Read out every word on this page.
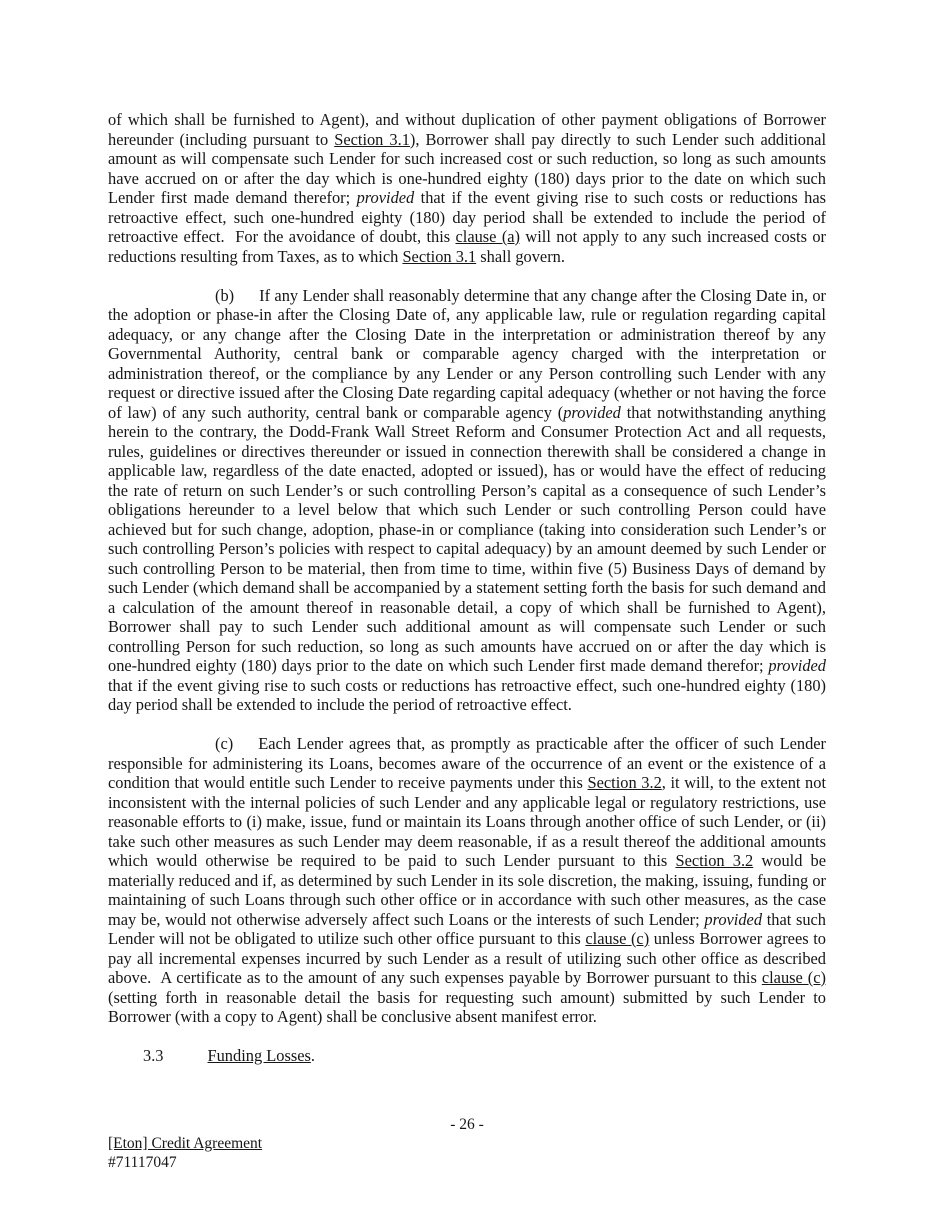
of which shall be furnished to Agent), and without duplication of other payment obligations of Borrower hereunder (including pursuant to Section 3.1), Borrower shall pay directly to such Lender such additional amount as will compensate such Lender for such increased cost or such reduction, so long as such amounts have accrued on or after the day which is one-hundred eighty (180) days prior to the date on which such Lender first made demand therefor; provided that if the event giving rise to such costs or reductions has retroactive effect, such one-hundred eighty (180) day period shall be extended to include the period of retroactive effect.  For the avoidance of doubt, this clause (a) will not apply to any such increased costs or reductions resulting from Taxes, as to which Section 3.1 shall govern.

(b) If any Lender shall reasonably determine that any change after the Closing Date in, or the adoption or phase-in after the Closing Date of, any applicable law, rule or regulation regarding capital adequacy, or any change after the Closing Date in the interpretation or administration thereof by any Governmental Authority, central bank or comparable agency charged with the interpretation or administration thereof, or the compliance by any Lender or any Person controlling such Lender with any request or directive issued after the Closing Date regarding capital adequacy (whether or not having the force of law) of any such authority, central bank or comparable agency (provided that notwithstanding anything herein to the contrary, the Dodd-Frank Wall Street Reform and Consumer Protection Act and all requests, rules, guidelines or directives thereunder or issued in connection therewith shall be considered a change in applicable law, regardless of the date enacted, adopted or issued), has or would have the effect of reducing the rate of return on such Lender’s or such controlling Person’s capital as a consequence of such Lender’s obligations hereunder to a level below that which such Lender or such controlling Person could have achieved but for such change, adoption, phase-in or compliance (taking into consideration such Lender’s or such controlling Person’s policies with respect to capital adequacy) by an amount deemed by such Lender or such controlling Person to be material, then from time to time, within five (5) Business Days of demand by such Lender (which demand shall be accompanied by a statement setting forth the basis for such demand and a calculation of the amount thereof in reasonable detail, a copy of which shall be furnished to Agent), Borrower shall pay to such Lender such additional amount as will compensate such Lender or such controlling Person for such reduction, so long as such amounts have accrued on or after the day which is one-hundred eighty (180) days prior to the date on which such Lender first made demand therefor; provided that if the event giving rise to such costs or reductions has retroactive effect, such one-hundred eighty (180) day period shall be extended to include the period of retroactive effect.

(c) Each Lender agrees that, as promptly as practicable after the officer of such Lender responsible for administering its Loans, becomes aware of the occurrence of an event or the existence of a condition that would entitle such Lender to receive payments under this Section 3.2, it will, to the extent not inconsistent with the internal policies of such Lender and any applicable legal or regulatory restrictions, use reasonable efforts to (i) make, issue, fund or maintain its Loans through another office of such Lender, or (ii) take such other measures as such Lender may deem reasonable, if as a result thereof the additional amounts which would otherwise be required to be paid to such Lender pursuant to this Section 3.2 would be materially reduced and if, as determined by such Lender in its sole discretion, the making, issuing, funding or maintaining of such Loans through such other office or in accordance with such other measures, as the case may be, would not otherwise adversely affect such Loans or the interests of such Lender; provided that such Lender will not be obligated to utilize such other office pursuant to this clause (c) unless Borrower agrees to pay all incremental expenses incurred by such Lender as a result of utilizing such other office as described above.  A certificate as to the amount of any such expenses payable by Borrower pursuant to this clause (c) (setting forth in reasonable detail the basis for requesting such amount) submitted by such Lender to Borrower (with a copy to Agent) shall be conclusive absent manifest error.

3.3	Funding Losses.
- 26 -
[Eton] Credit Agreement
#71117047
